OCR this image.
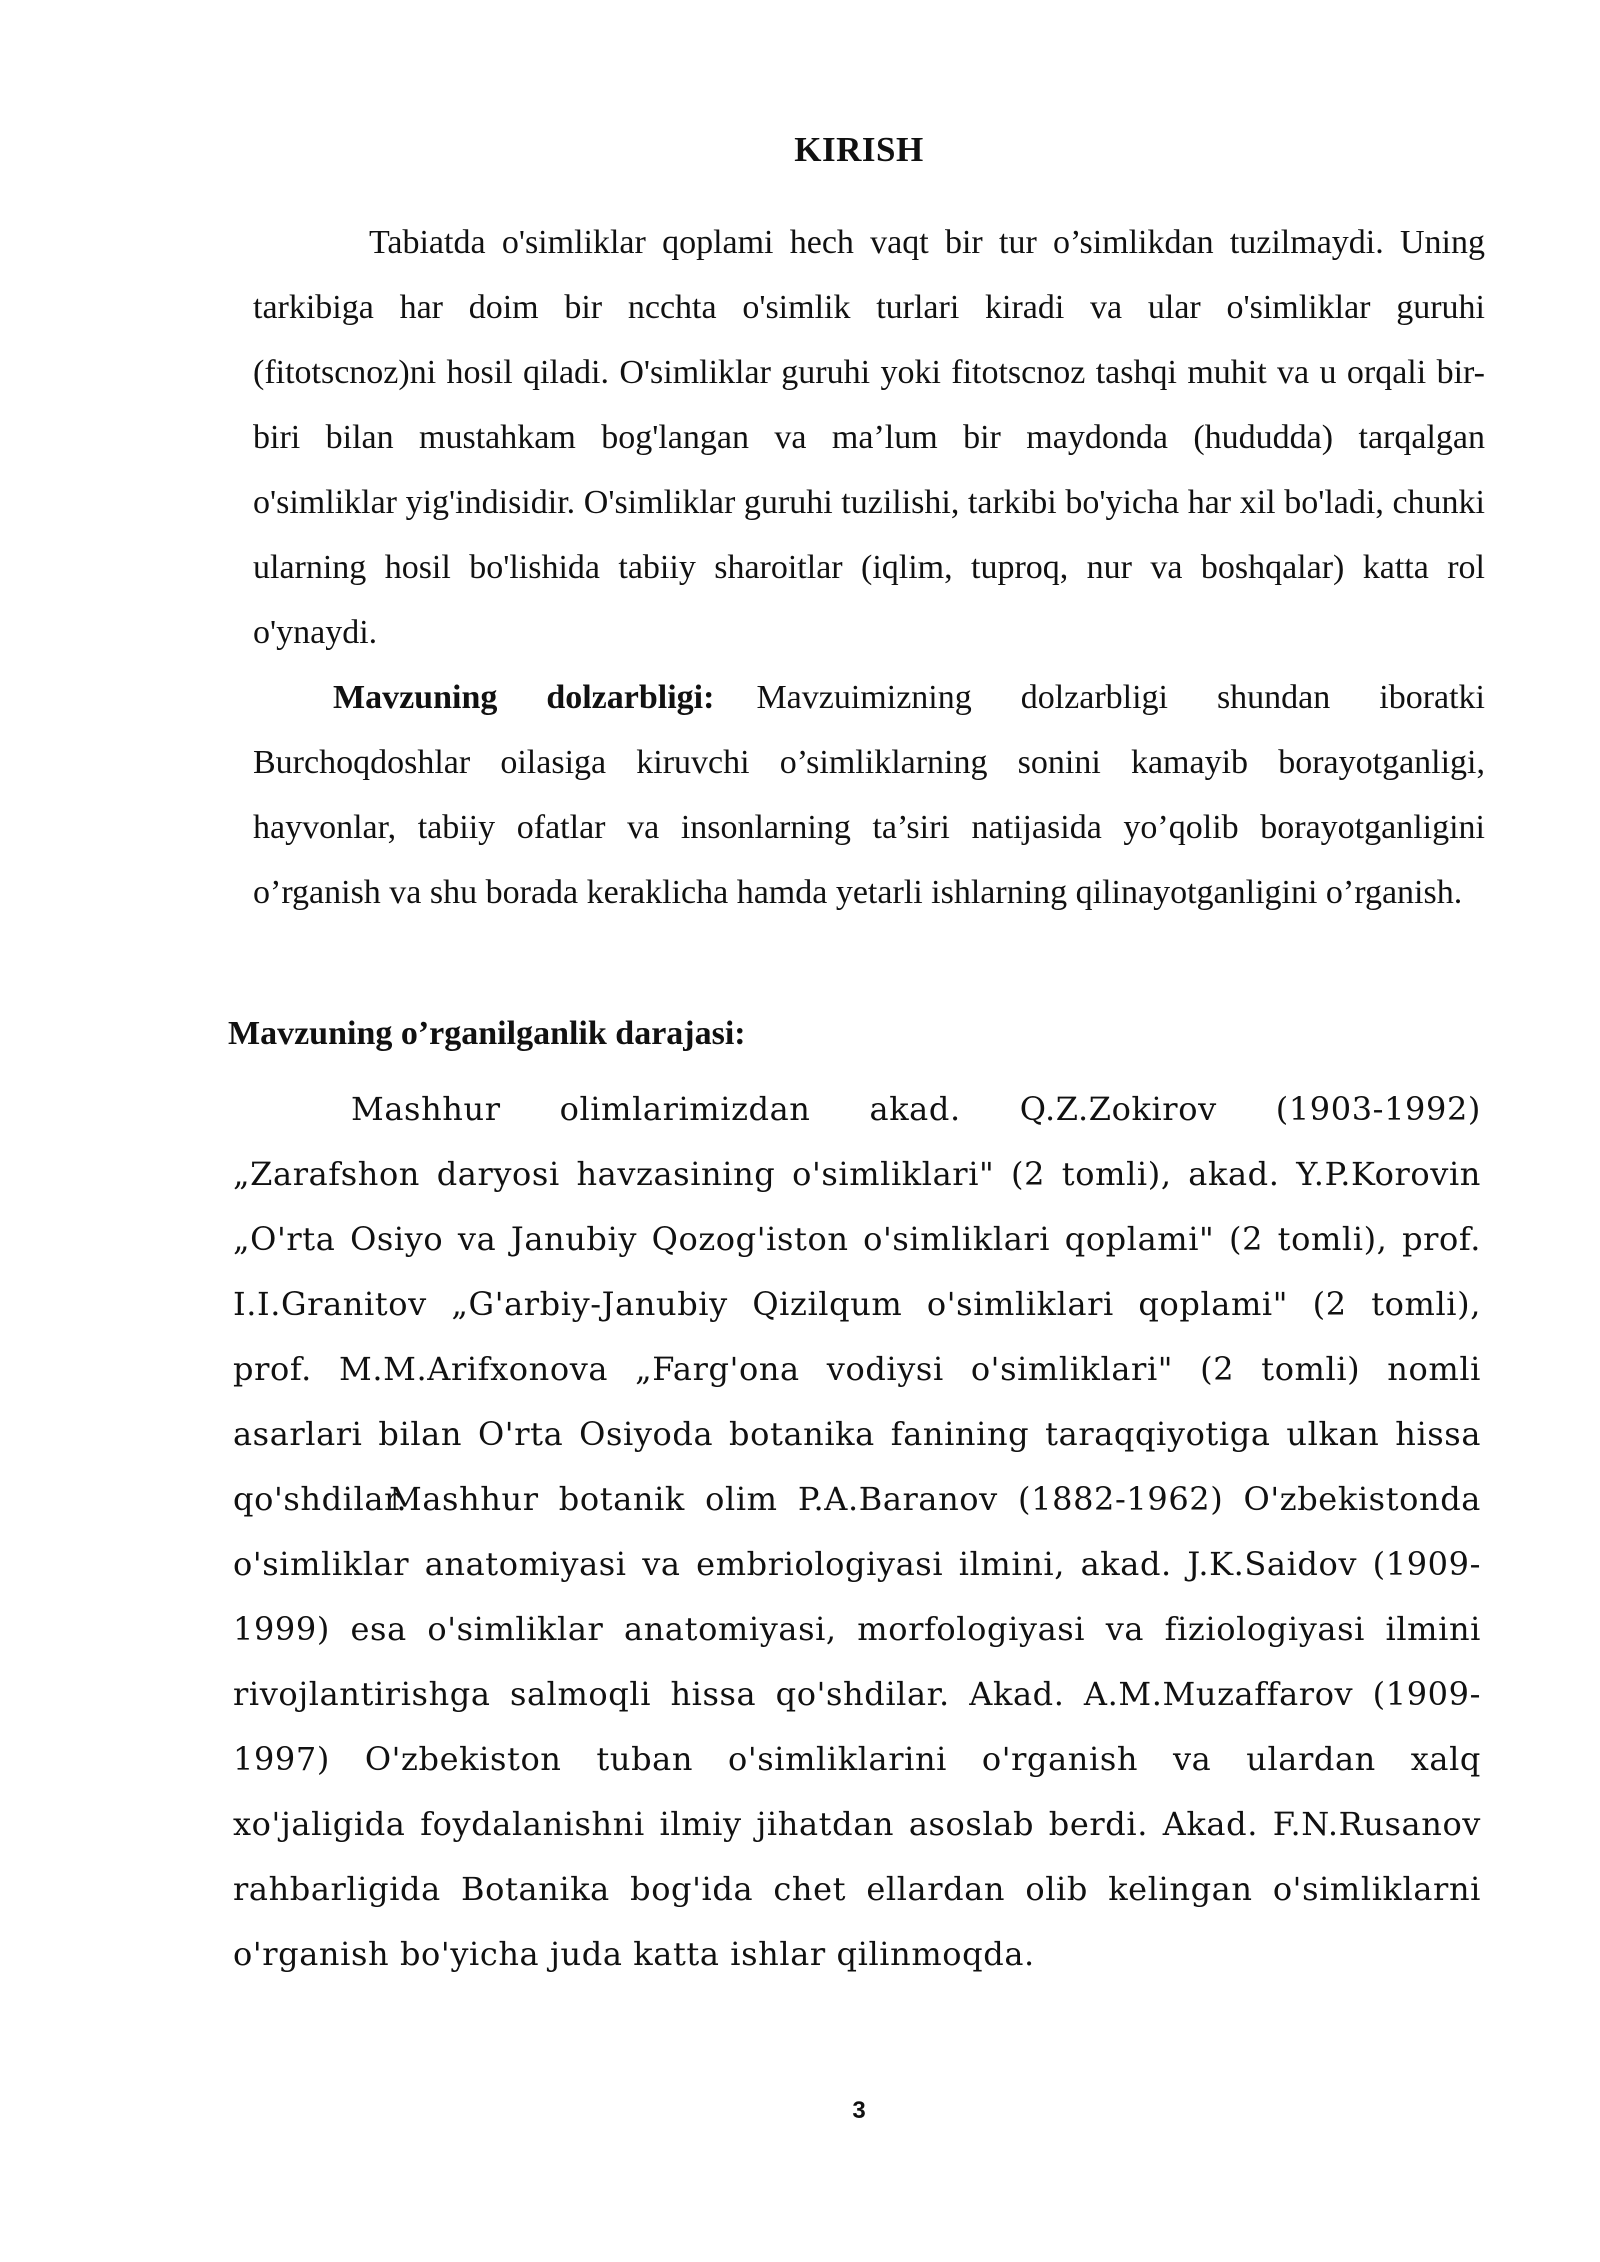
KIRISH

Tabiatda o'simliklar qoplami hech vaqt bir tur o’simlikdan tuzilmaydi. Uning tarkibiga har doim bir ncchta o'simlik turlari kiradi va ular o'simliklar guruhi (fitotscnoz)ni hosil qiladi. O'simliklar guruhi yoki fitotscnoz tashqi muhit va u orqali bir-biri bilan mustahkam bog'langan va ma’lum bir maydonda (hududda) tarqalgan o'simliklar yig'indisidir. O'simliklar guruhi tuzilishi, tarkibi bo'yicha har xil bo'ladi, chunki ularning hosil bo'lishida tabiiy sharoitlar (iqlim, tuproq, nur va boshqalar) katta rol o'ynaydi.

Mavzuning dolzarbligi: Mavzuimizning dolzarbligi shundan iboratki Burchoqdoshlar oilasiga kiruvchi o’simliklarning sonini kamayib borayotganligi, hayvonlar, tabiiy ofatlar va insonlarning ta’siri natijasida yo’qolib borayotganligini o’rganish va shu borada keraklicha hamda yetarli ishlarning qilinayotganligini o’rganish.

Mavzuning o’rganilganlik darajasi:

Mashhur olimlarimizdan akad. Q.Z.Zokirov (1903-1992) „Zarafshon daryosi havzasining o'simliklari" (2 tomli), akad. Y.P.Korovin „O'rta Osiyo va Janubiy Qozog'iston o'simliklari qoplami" (2 tomli), prof. I.I.Granitov „G'arbiy-Janubiy Qizilqum o'simliklari qoplami" (2 tomli), prof. M.M.Arifxonova „Farg'ona vodiysi o'simliklari" (2 tomli) nomli asarlari bilan O'rta Osiyoda botanika fanining taraqqiyotiga ulkan hissa qo'shdilar.

Mashhur botanik olim P.A.Baranov (1882-1962) O'zbekistonda o'simliklar anatomiyasi va embriologiyasi ilmini, akad. J.K.Saidov (1909-1999) esa o'simliklar anatomiyasi, morfologiyasi va fiziologiyasi ilmini rivojlantirishga salmoqli hissa qo'shdilar. Akad. A.M.Muzaffarov (1909-1997) O'zbekiston tuban o'simliklarini o'rganish va ulardan xalq xo'jaligida foydalanishni ilmiy jihatdan asoslab berdi. Akad. F.N.Rusanov rahbarligida Botanika bog'ida chet ellardan olib kelingan o'simliklarni o'rganish bo'yicha juda katta ishlar qilinmoqda.

3
